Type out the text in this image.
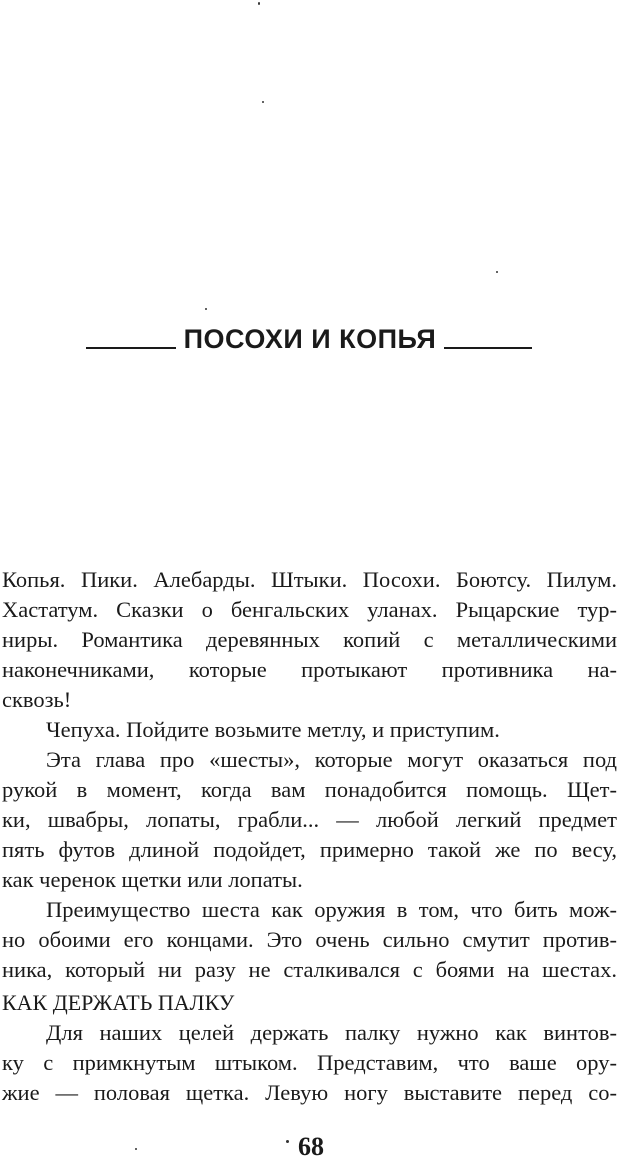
ПОСОХИ И КОПЬЯ
Копья. Пики. Алебарды. Штыки. Посохи. Боютсу. Пилум.
Хастатум. Сказки о бенгальских уланах. Рыцарские тур-
ниры. Романтика деревянных копий с металлическими
наконечниками, которые протыкают противника на-
сквозь!
Чепуха. Пойдите возьмите метлу, и приступим.
Эта глава про «шесты», которые могут оказаться под
рукой в момент, когда вам понадобится помощь. Щет-
ки, швабры, лопаты, грабли... — любой легкий предмет
пять футов длиной подойдет, примерно такой же по весу,
как черенок щетки или лопаты.
Преимущество шеста как оружия в том, что бить мож-
но обоими его концами. Это очень сильно смутит против-
ника, который ни разу не сталкивался с боями на шестах.
КАК ДЕРЖАТЬ ПАЛКУ
Для наших целей держать палку нужно как винтов-
ку с примкнутым штыком. Представим, что ваше ору-
жие — половая щетка. Левую ногу выставите перед со-
68
